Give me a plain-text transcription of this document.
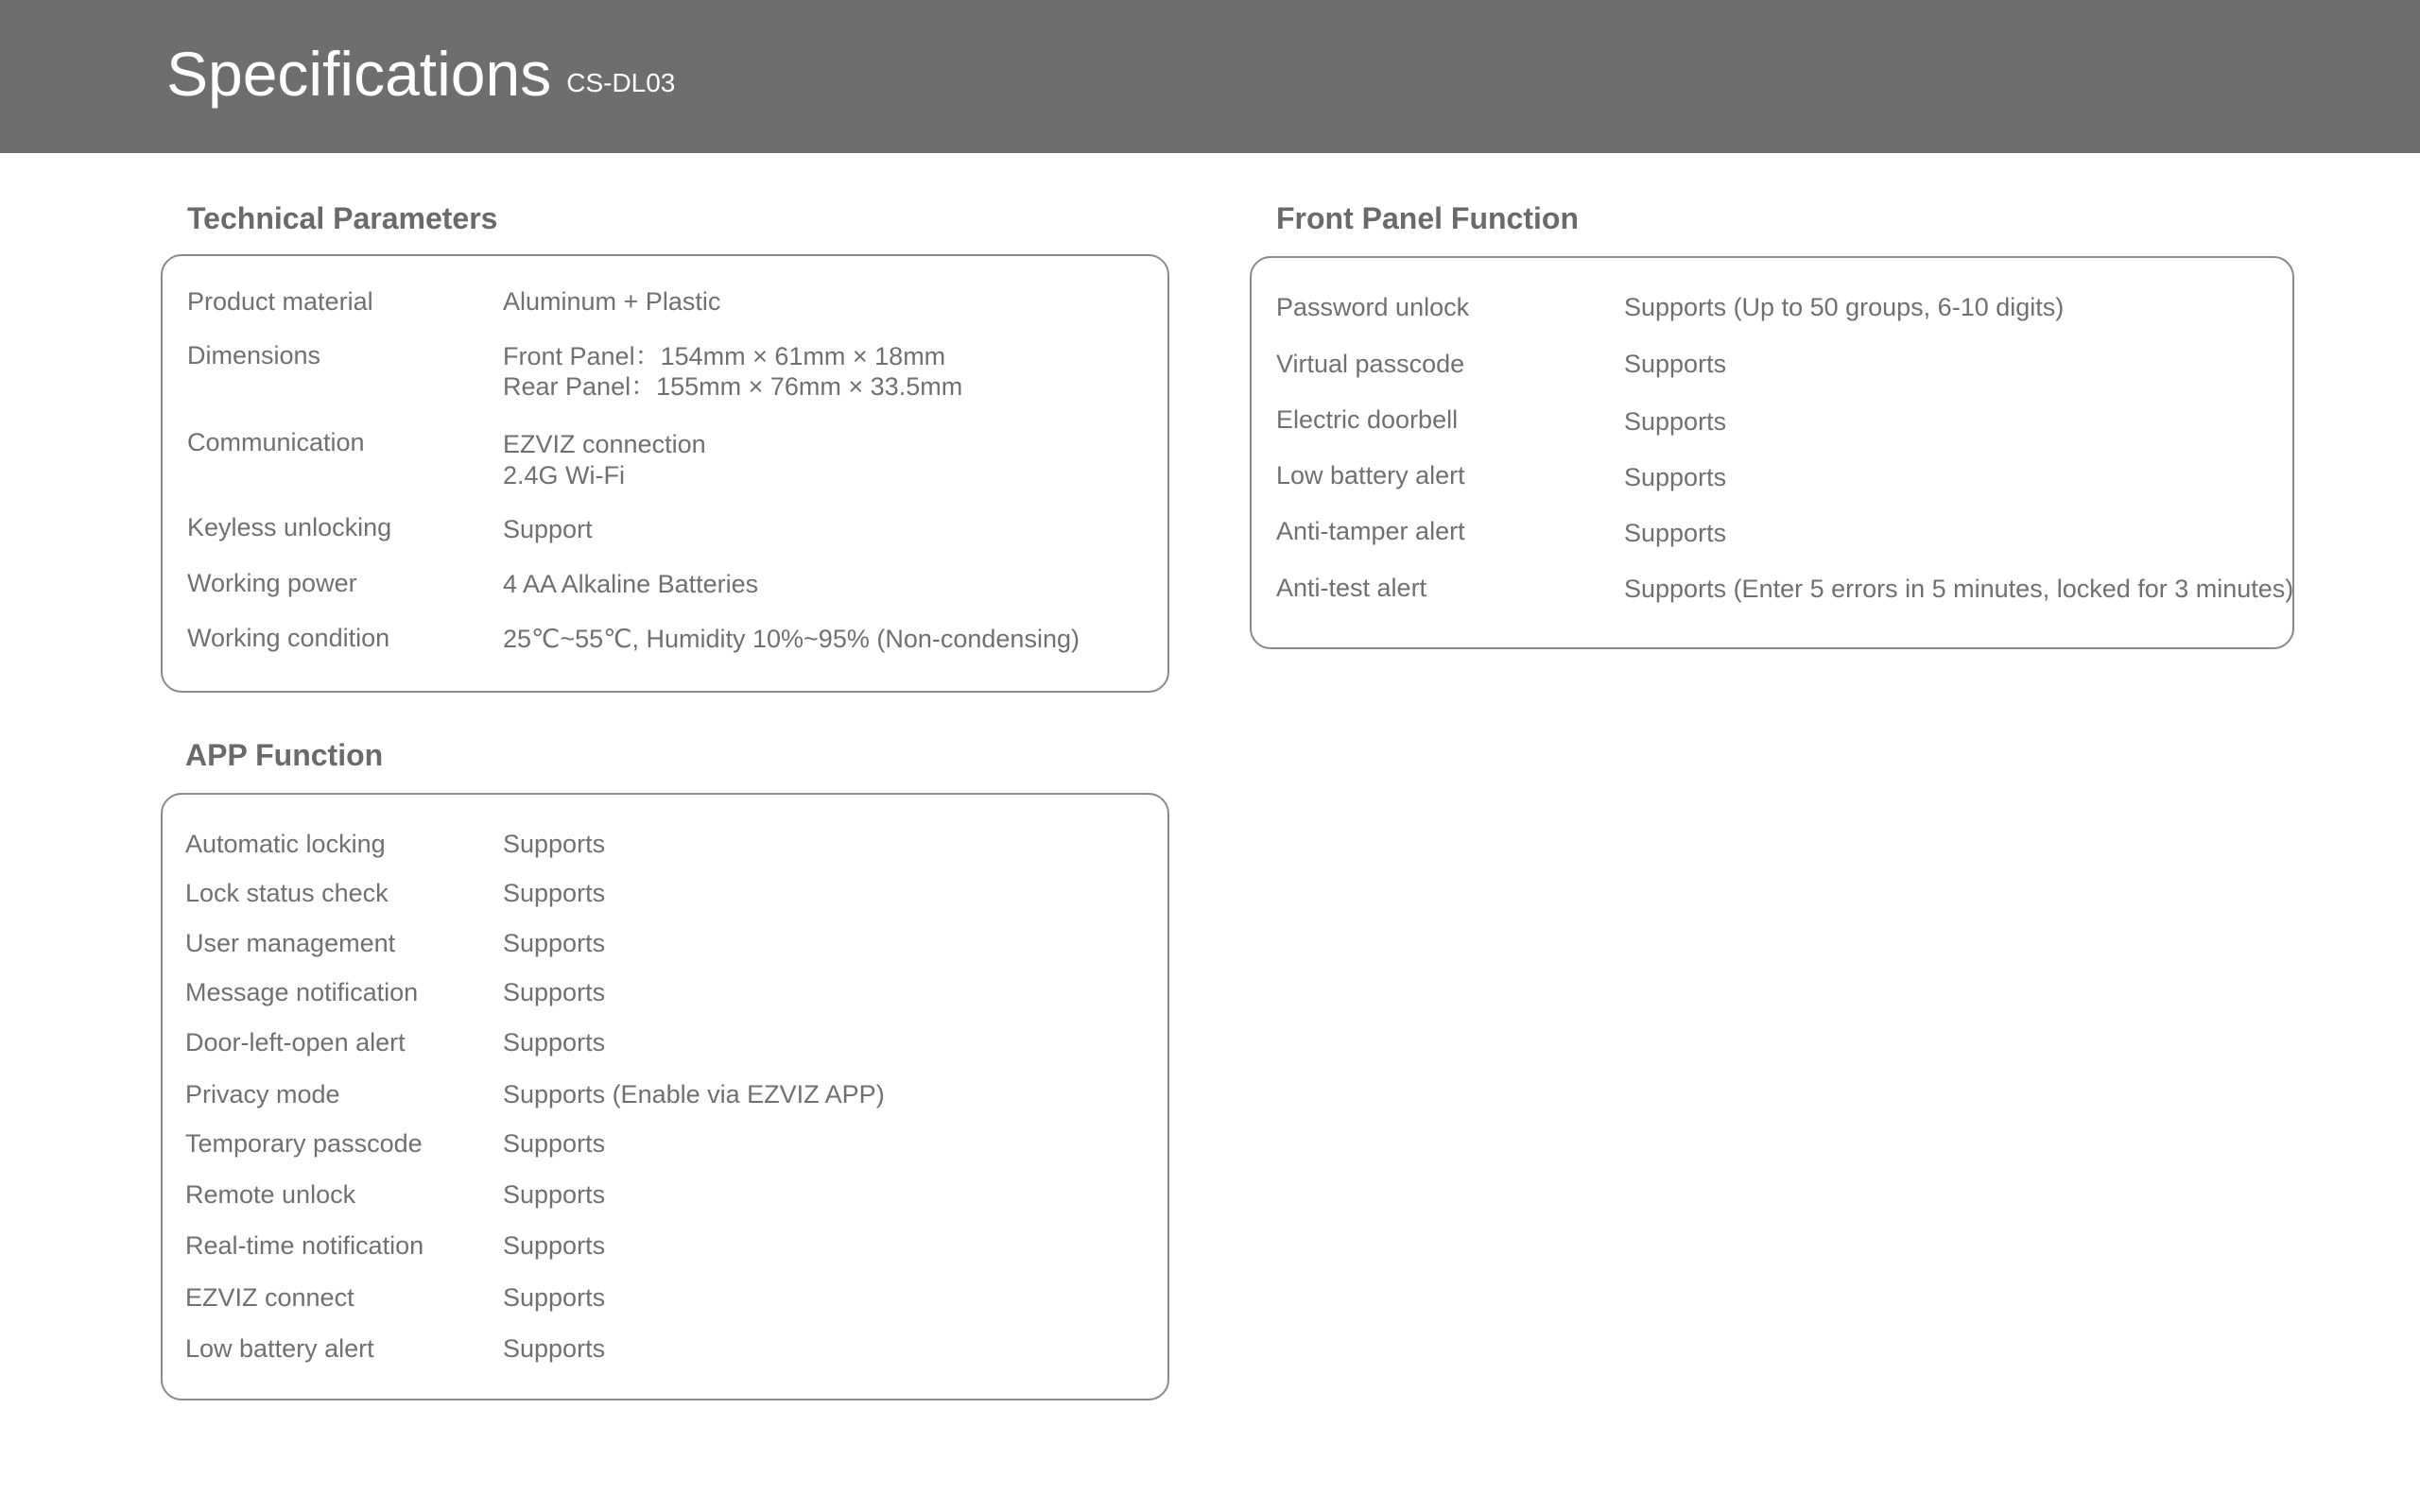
Specifications CS-DL03
Technical Parameters
Product material	Aluminum + Plastic
Dimensions	Front Panel：154mm × 61mm × 18mm
Rear Panel：155mm × 76mm × 33.5mm
Communication	EZVIZ connection
2.4G Wi-Fi
Keyless unlocking	Support
Working power	4 AA Alkaline Batteries
Working condition	25℃~55℃, Humidity 10%~95% (Non-condensing)
APP Function
Automatic locking	Supports
Lock status check	Supports
User management	Supports
Message notification	Supports
Door-left-open alert	Supports
Privacy mode	Supports (Enable via EZVIZ APP)
Temporary passcode	Supports
Remote unlock	Supports
Real-time notification	Supports
EZVIZ connect	Supports
Low battery alert	Supports
Front Panel Function
Password unlock	Supports (Up to 50 groups, 6-10 digits)
Virtual passcode	Supports
Electric doorbell	Supports
Low battery alert	Supports
Anti-tamper alert	Supports
Anti-test alert	Supports (Enter 5 errors in 5 minutes, locked for 3 minutes)
